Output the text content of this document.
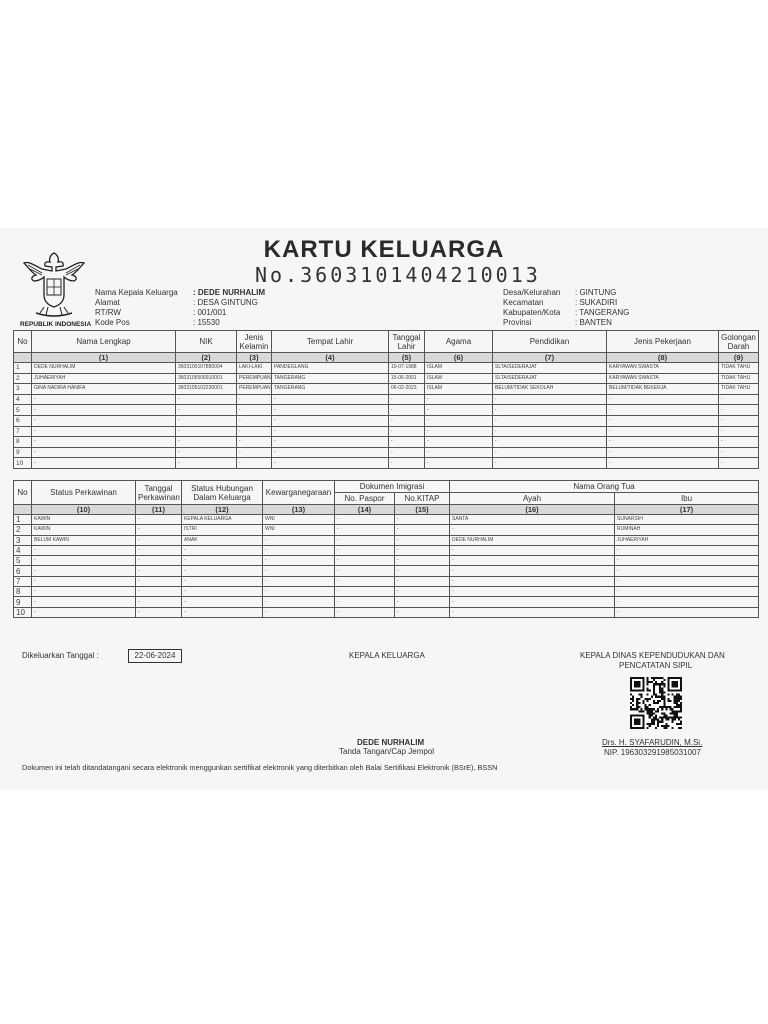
REPUBLIK INDONESIA
KARTU KELUARGA
No.3603101404210013
Nama Kepala Keluarga	: DEDE NURHALIM
Alamat	: DESA GINTUNG
RT/RW	: 001/001
Kode Pos	: 15530
Desa/Kelurahan	: GINTUNG
Kecamatan	: SUKADIRI
Kabupaten/Kota	: TANGERANG
Provinsi	: BANTEN
No	Nama Lengkap	NIK	Jenis Kelamin	Tempat Lahir	Tanggal Lahir	Agama	Pendidikan	Jenis Pekerjaan	Golongan Darah
	(1)	(2)	(3)	(4)	(5)	(6)	(7)	(8)	(9)
1	DEDE NURHALIM	3603100107880004	LAKI-LAKI	PANDEGLANG	10-07-1988	ISLAM	SLTA/SEDERAJAT	KARYAWAN SWASTA	TIDAK TAHU
2	JUHAERIYAH	3603105506910001	PEREMPUAN	TANGERANG	15-06-2001	ISLAM	SLTA/SEDERAJAT	KARYAWAN SWASTA	TIDAK TAHU
3	GINA NADIRA HANIFA	3603105102230001	PEREMPUAN	TANGERANG	06-02-2023	ISLAM	BELUM/TIDAK SEKOLAH	BELUM/TIDAK BEKERJA	TIDAK TAHU
4	-	-	-	-	-	-	-	-	-
5	-	-	-	-	-	-	-	-	-
6	-	-	-	-	-	-	-	-	-
7	-	-	-	-	-	-	-	-	-
8	-	-	-	-	-	-	-	-	-
9	-	-	-	-	-	-	-	-	-
10	-	-	-	-	-	-	-	-	-
No	Status Perkawinan	Tanggal Perkawinan	Status Hubungan Dalam Keluarga	Kewarganegaraan	Dokumen Imigrasi		Nama Orang Tua	
					No. Paspor	No.KITAP	Ayah	Ibu
	(10)	(11)	(12)	(13)	(14)	(15)	(16)	(17)
1	KAWIN	-	KEPALA KELUARGA	WNI	-	-	SANTA	SUNARSIH
2	KAWIN	-	ISTRI	WNI	-	-	-	RUMINAH
3	BELUM KAWIN	-	ANAK	-	-	-	DEDE NURHALIM	JUHAERIYAH
4	-	-	-	-	-	-	-	-
5	-	-	-	-	-	-	-	-
6	-	-	-	-	-	-	-	-
7	-	-	-	-	-	-	-	-
8	-	-	-	-	-	-	-	-
9	-	-	-	-	-	-	-	-
10	-	-	-	-	-	-	-	-
Dikeluarkan Tanggal :	22-06-2024	KEPALA KELUARGA	KEPALA DINAS KEPENDUDUKAN DAN
PENCATATAN SIPIL
DEDE NURHALIM
Tanda Tangan/Cap Jempol
Drs. H. SYAFARUDIN, M.Si.
NIP. 196303291985031007
Dokumen ini telah ditandatangani secara elektronik menggunkan sertifikat elektronik yang diterbitkan oleh Balai Sertifikasi Elektronik (BSrE), BSSN
